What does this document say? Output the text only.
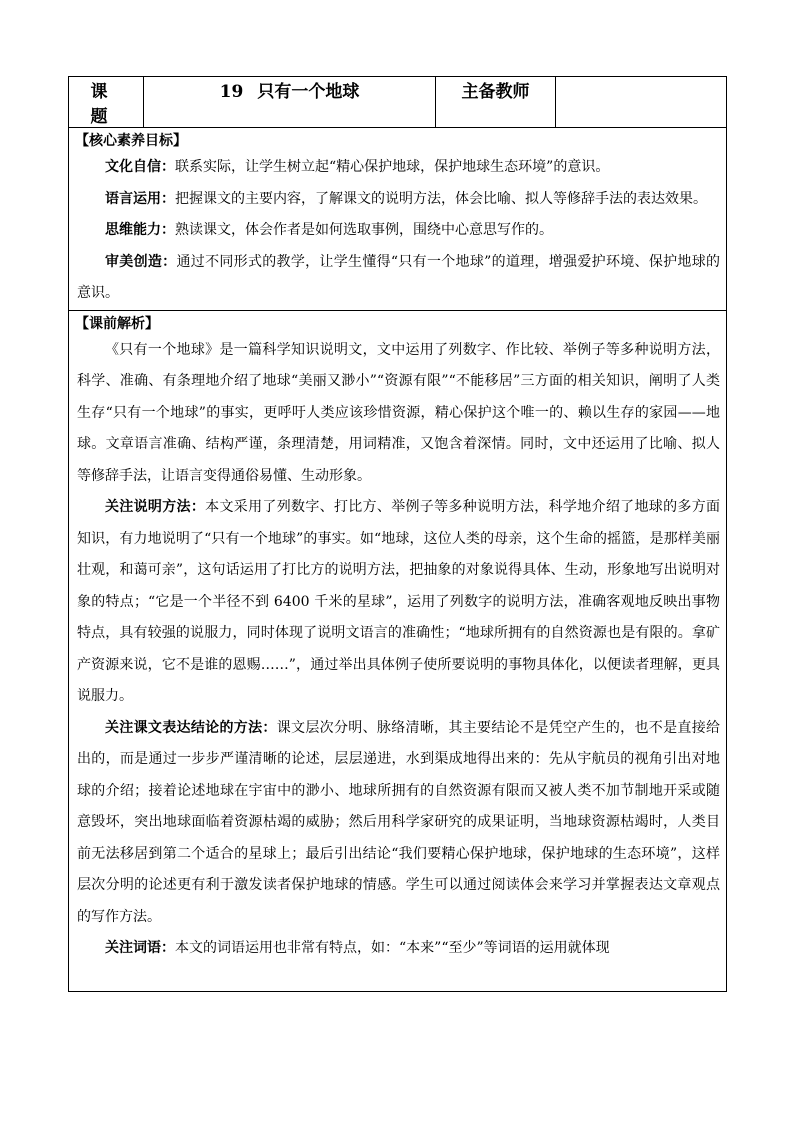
课 题	19 只有一个地球	主备教师	

【核心素养目标】

文化自信：联系实际，让学生树立起“精心保护地球，保护地球生态环境”的意识。

语言运用：把握课文的主要内容，了解课文的说明方法，体会比喻、拟人等修辞手法的表达效果。

思维能力：熟读课文，体会作者是如何选取事例，围绕中心意思写作的。

审美创造：通过不同形式的教学，让学生懂得“只有一个地球”的道理，增强爱护环境、保护地球的意识。

【课前解析】

《只有一个地球》是一篇科学知识说明文，文中运用了列数字、作比较、举例子等多种说明方法，科学、准确、有条理地介绍了地球“美丽又渺小”“资源有限”“不能移居”三方面的相关知识，阐明了人类生存“只有一个地球”的事实，更呼吁人类应该珍惜资源，精心保护这个唯一的、赖以生存的家园——地球。文章语言准确、结构严谨，条理清楚，用词精准，又饱含着深情。同时，文中还运用了比喻、拟人等修辞手法，让语言变得通俗易懂、生动形象。

关注说明方法：本文采用了列数字、打比方、举例子等多种说明方法，科学地介绍了地球的多方面知识，有力地说明了“只有一个地球”的事实。如“地球，这位人类的母亲，这个生命的摇篮，是那样美丽壮观，和蔼可亲”，这句话运用了打比方的说明方法，把抽象的对象说得具体、生动，形象地写出说明对象的特点；“它是一个半径不到 6400 千米的星球”，运用了列数字的说明方法，准确客观地反映出事物特点，具有较强的说服力，同时体现了说明文语言的准确性；“地球所拥有的自然资源也是有限的。拿矿产资源来说，它不是谁的恩赐……”，通过举出具体例子使所要说明的事物具体化，以便读者理解，更具说服力。

关注课文表达结论的方法：课文层次分明、脉络清晰，其主要结论不是凭空产生的，也不是直接给出的，而是通过一步步严谨清晰的论述，层层递进，水到渠成地得出来的：先从宇航员的视角引出对地球的介绍；接着论述地球在宇宙中的渺小、地球所拥有的自然资源有限而又被人类不加节制地开采或随意毁坏，突出地球面临着资源枯竭的威胁；然后用科学家研究的成果证明，当地球资源枯竭时，人类目前无法移居到第二个适合的星球上；最后引出结论“我们要精心保护地球，保护地球的生态环境”，这样层次分明的论述更有利于激发读者保护地球的情感。学生可以通过阅读体会来学习并掌握表达文章观点的写作方法。

关注词语：本文的词语运用也非常有特点，如：“本来”“至少”等词语的运用就体现
